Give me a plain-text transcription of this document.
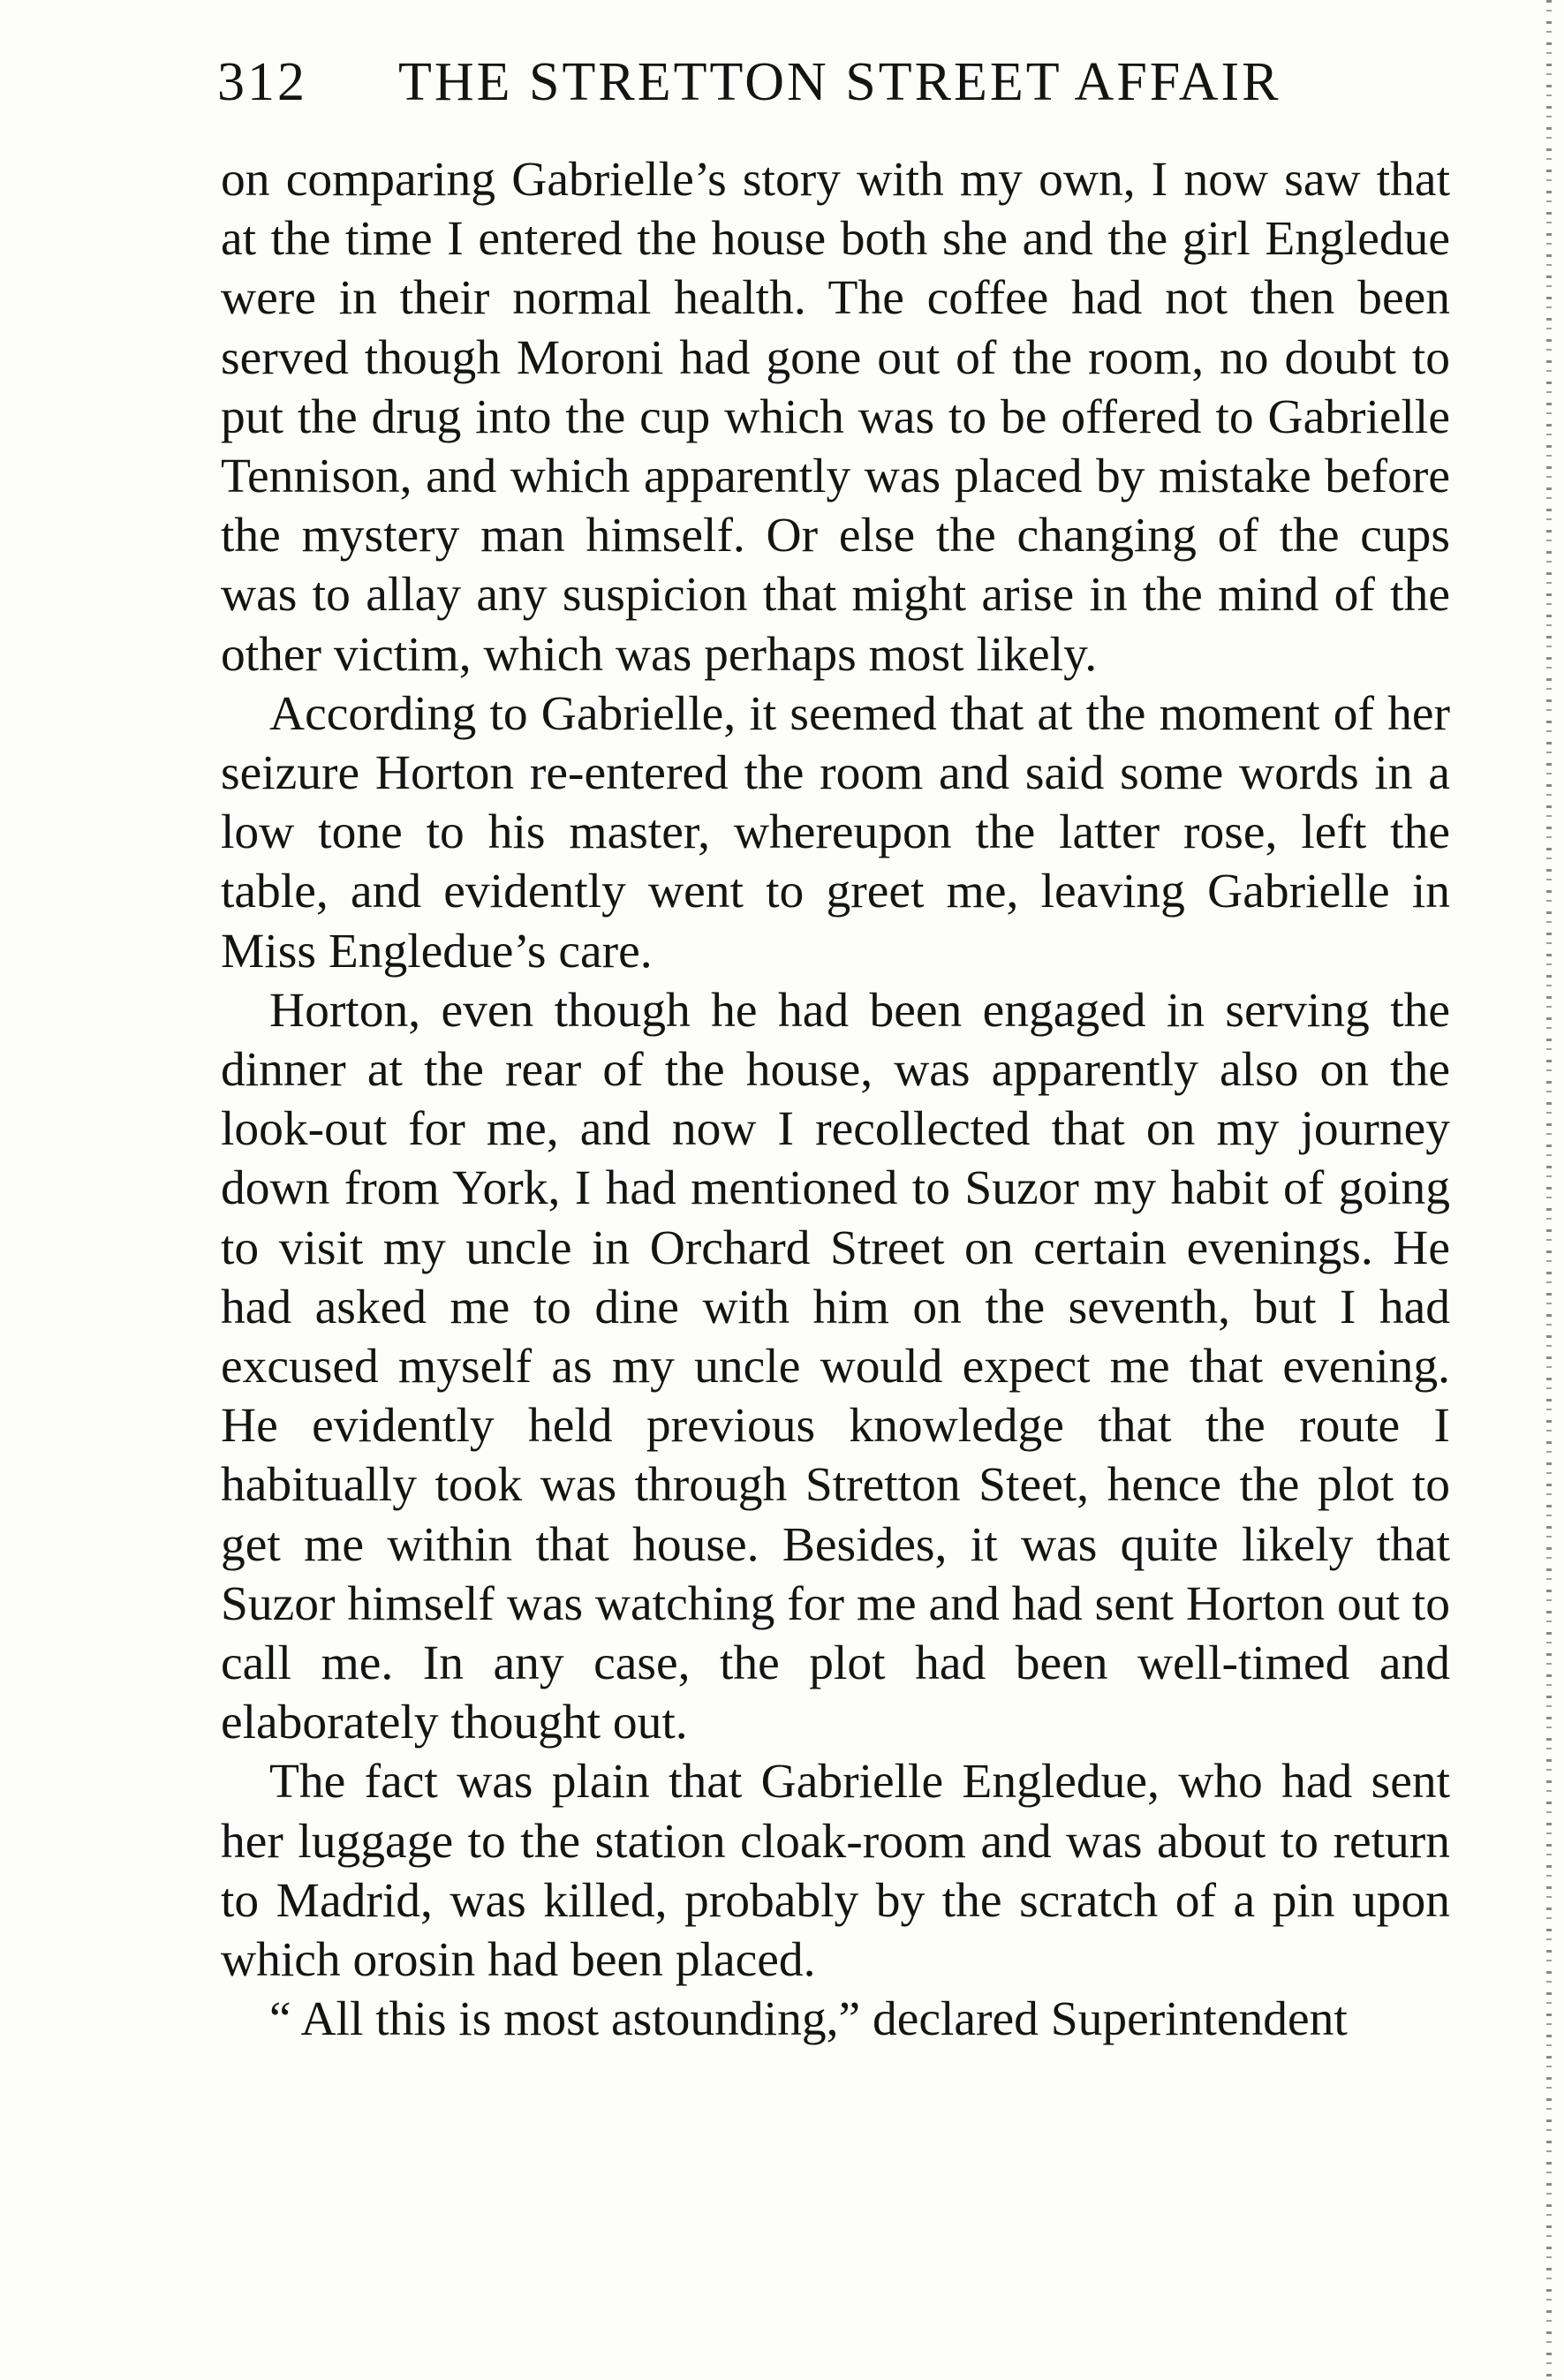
312 THE STRETTON STREET AFFAIR

on comparing Gabrielle’s story with my own, I now saw that at the time I entered the house both she and the girl Engledue were in their normal health. The coffee had not then been served though Moroni had gone out of the room, no doubt to put the drug into the cup which was to be offered to Gabrielle Tennison, and which apparently was placed by mistake before the mystery man himself. Or else the changing of the cups was to allay any suspicion that might arise in the mind of the other victim, which was perhaps most likely.

According to Gabrielle, it seemed that at the moment of her seizure Horton re-entered the room and said some words in a low tone to his master, whereupon the latter rose, left the table, and evidently went to greet me, leaving Gabrielle in Miss Engledue’s care.

Horton, even though he had been engaged in serving the dinner at the rear of the house, was apparently also on the look-out for me, and now I recollected that on my journey down from York, I had mentioned to Suzor my habit of going to visit my uncle in Orchard Street on certain evenings. He had asked me to dine with him on the seventh, but I had excused myself as my uncle would expect me that evening. He evidently held previous knowledge that the route I habitually took was through Stretton Steet, hence the plot to get me within that house. Besides, it was quite likely that Suzor himself was watching for me and had sent Horton out to call me. In any case, the plot had been well-timed and elaborately thought out.

The fact was plain that Gabrielle Engledue, who had sent her luggage to the station cloak-room and was about to return to Madrid, was killed, probably by the scratch of a pin upon which orosin had been placed.

“ All this is most astounding,” declared Superintendent
